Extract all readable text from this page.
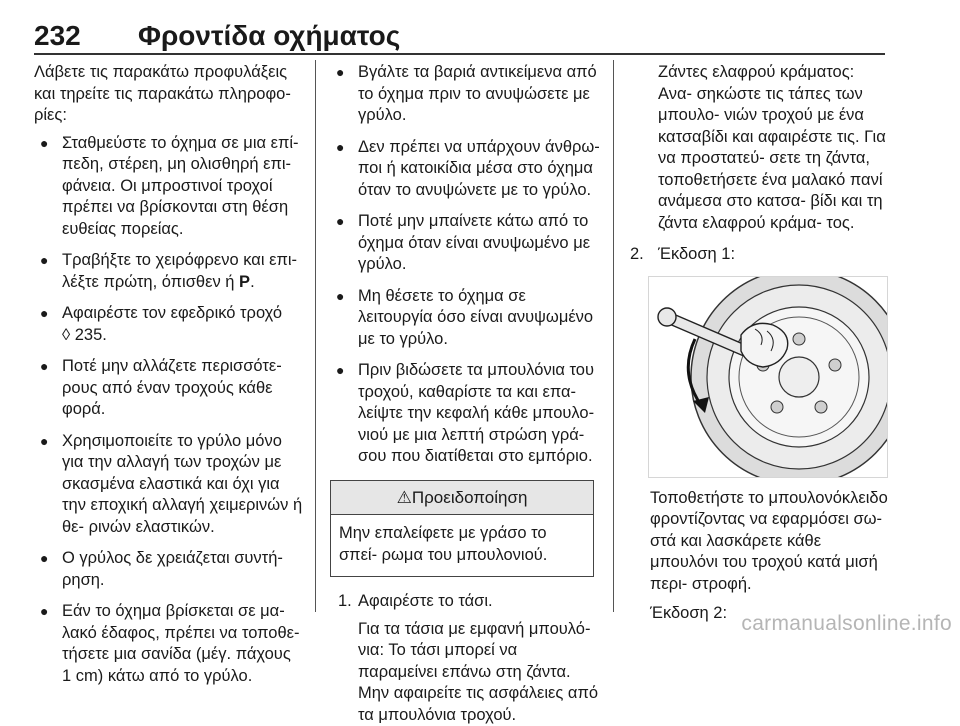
232 Φροντίδα οχήματος

Λάβετε τις παρακάτω προφυλάξεις και τηρείτε τις παρακάτω πληροφο‐ ρίες:

● Σταθμεύστε το όχημα σε μια επί‐ πεδη, στέρεη, μη ολισθηρή επι‐ φάνεια. Οι μπροστινοί τροχοί πρέπει να βρίσκονται στη θέση ευθείας πορείας.
● Τραβήξτε το χειρόφρενο και επι‐ λέξτε πρώτη, όπισθεν ή P.
● Αφαιρέστε τον εφεδρικό τροχό
◊ 235.
● Ποτέ μην αλλάζετε περισσότε‐ ρους από έναν τροχούς κάθε φορά.
● Χρησιμοποιείτε το γρύλο μόνο για την αλλαγή των τροχών με σκασμένα ελαστικά και όχι για την εποχική αλλαγή χειμερινών ή θε‐ ρινών ελαστικών.
● Ο γρύλος δε χρειάζεται συντή‐ ρηση.
● Εάν το όχημα βρίσκεται σε μα‐ λακό έδαφος, πρέπει να τοποθε‐ τήσετε μια σανίδα (μέγ. πάχους 1 cm) κάτω από το γρύλο.
● Βγάλτε τα βαριά αντικείμενα από το όχημα πριν το ανυψώσετε με γρύλο.
● Δεν πρέπει να υπάρχουν άνθρω‐ ποι ή κατοικίδια μέσα στο όχημα όταν το ανυψώνετε με το γρύλο.
● Ποτέ μην μπαίνετε κάτω από το όχημα όταν είναι ανυψωμένο με γρύλο.
● Μη θέσετε το όχημα σε λειτουργία όσο είναι ανυψωμένο με το γρύλο.
● Πριν βιδώσετε τα μπουλόνια του τροχού, καθαρίστε τα και επα‐ λείψτε την κεφαλή κάθε μπουλο‐ νιού με μια λεπτή στρώση γρά‐ σου που διατίθεται στο εμπόριο.
⚠Προειδοποίηση
Μην επαλείφετε με γράσο το σπεί‐ ρωμα του μπουλονιού.
1. Αφαιρέστε το τάσι.

Για τα τάσια με εμφανή μπουλό‐ νια: Το τάσι μπορεί να παραμείνει επάνω στη ζάντα. Μην αφαιρείτε τις ασφάλειες από τα μπουλόνια τροχού.

Ζάντες ελαφρού κράματος: Ανα‐ σηκώστε τις τάπες των μπουλο‐ νιών τροχού με ένα κατσαβίδι και αφαιρέστε τις. Για να προστατεύ‐ σετε τη ζάντα, τοποθετήσετε ένα μαλακό πανί ανάμεσα στο κατσα‐ βίδι και τη ζάντα ελαφρού κράμα‐ τος.

2. Έκδοση 1:

Τοποθετήστε το μπουλονόκλειδο φροντίζοντας να εφαρμόσει σω‐ στά και λασκάρετε κάθε μπουλόνι του τροχού κατά μισή περι‐ στροφή.

Έκδοση 2: carmanualsonline.info
